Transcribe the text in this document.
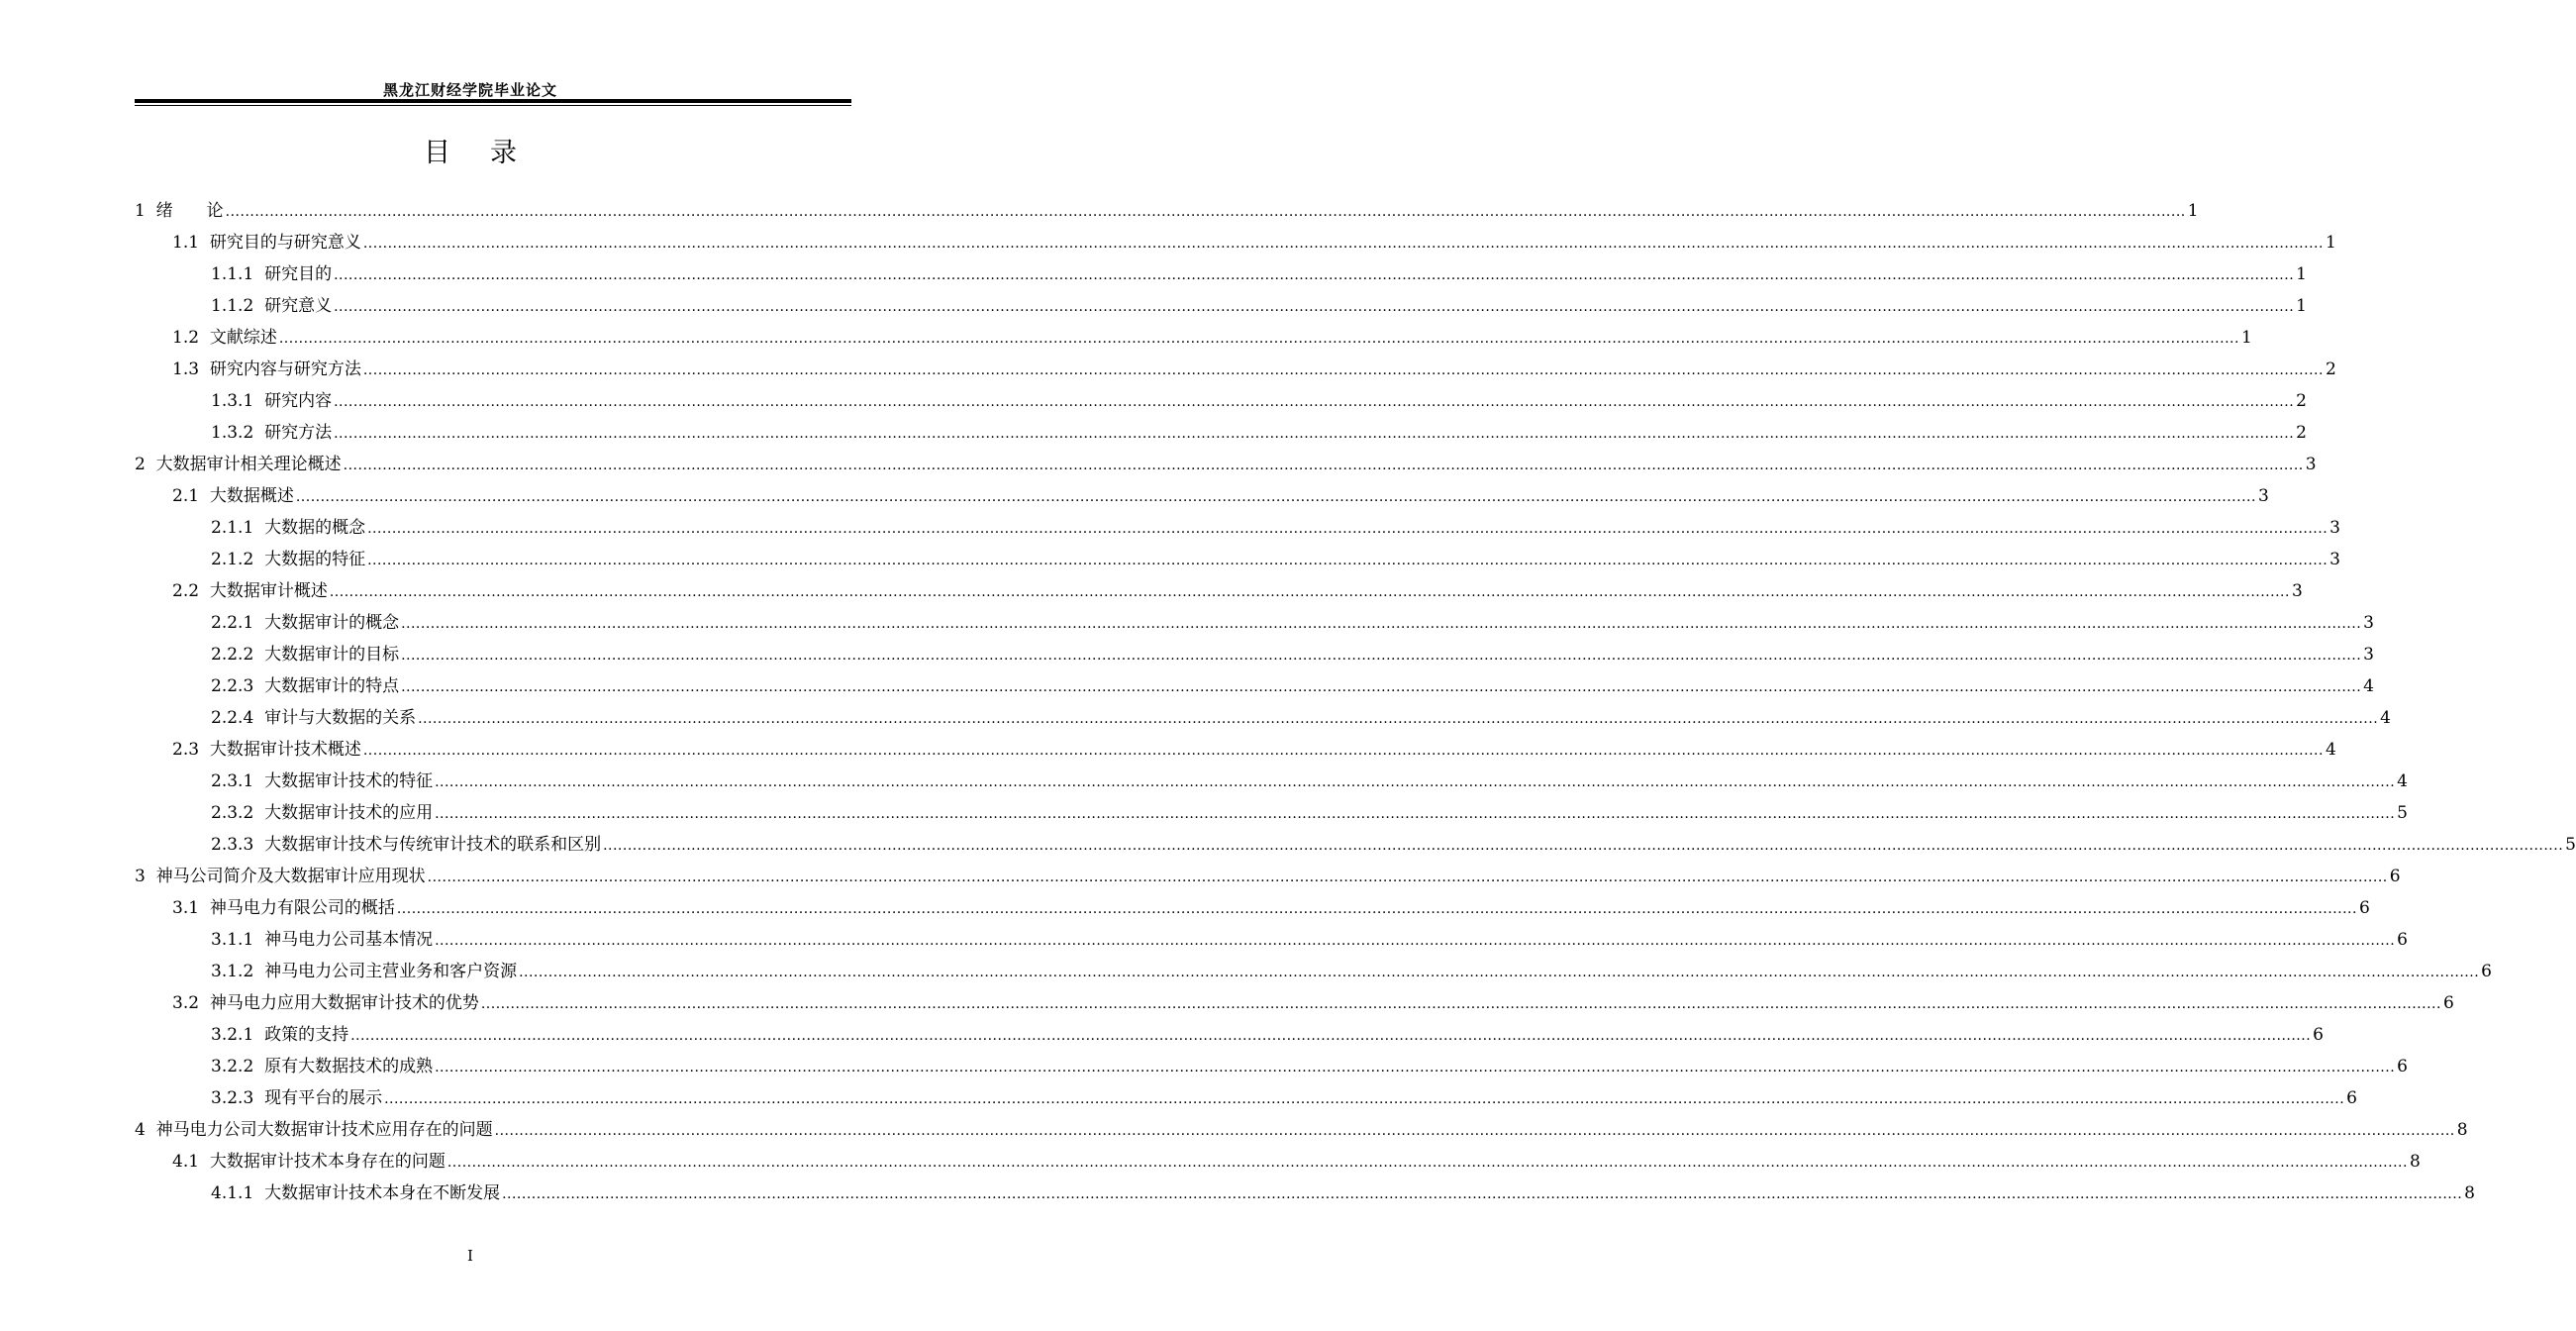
黑龙江财经学院毕业论文
目 录
1
绪　　论 ................................................................................................................................................................................................................................................................................................................................................................................................................ 1
1.1
研究目的与研究意义 ................................................................................................................................................................................................................................................................................................................................................................................................................ 1
1.1.1
研究目的 ................................................................................................................................................................................................................................................................................................................................................................................................................ 1
1.1.2
研究意义 ................................................................................................................................................................................................................................................................................................................................................................................................................ 1
1.2
文献综述 ................................................................................................................................................................................................................................................................................................................................................................................................................ 1
1.3
研究内容与研究方法 ................................................................................................................................................................................................................................................................................................................................................................................................................ 2
1.3.1
研究内容 ................................................................................................................................................................................................................................................................................................................................................................................................................ 2
1.3.2
研究方法 ................................................................................................................................................................................................................................................................................................................................................................................................................ 2
2
大数据审计相关理论概述 ................................................................................................................................................................................................................................................................................................................................................................................................................ 3
2.1
大数据概述 ................................................................................................................................................................................................................................................................................................................................................................................................................ 3
2.1.1
大数据的概念 ................................................................................................................................................................................................................................................................................................................................................................................................................ 3
2.1.2
大数据的特征 ................................................................................................................................................................................................................................................................................................................................................................................................................ 3
2.2
大数据审计概述 ................................................................................................................................................................................................................................................................................................................................................................................................................ 3
2.2.1
大数据审计的概念 ................................................................................................................................................................................................................................................................................................................................................................................................................ 3
2.2.2
大数据审计的目标 ................................................................................................................................................................................................................................................................................................................................................................................................................ 3
2.2.3
大数据审计的特点 ................................................................................................................................................................................................................................................................................................................................................................................................................ 4
2.2.4
审计与大数据的关系 ................................................................................................................................................................................................................................................................................................................................................................................................................ 4
2.3
大数据审计技术概述 ................................................................................................................................................................................................................................................................................................................................................................................................................ 4
2.3.1
大数据审计技术的特征 ................................................................................................................................................................................................................................................................................................................................................................................................................ 4
2.3.2
大数据审计技术的应用 ................................................................................................................................................................................................................................................................................................................................................................................................................ 5
2.3.3
大数据审计技术与传统审计技术的联系和区别 ................................................................................................................................................................................................................................................................................................................................................................................................................ 5
3
神马公司简介及大数据审计应用现状 ................................................................................................................................................................................................................................................................................................................................................................................................................ 6
3.1
神马电力有限公司的概括 ................................................................................................................................................................................................................................................................................................................................................................................................................ 6
3.1.1
神马电力公司基本情况 ................................................................................................................................................................................................................................................................................................................................................................................................................ 6
3.1.2
神马电力公司主营业务和客户资源 ................................................................................................................................................................................................................................................................................................................................................................................................................ 6
3.2
神马电力应用大数据审计技术的优势 ................................................................................................................................................................................................................................................................................................................................................................................................................ 6
3.2.1
政策的支持 ................................................................................................................................................................................................................................................................................................................................................................................................................ 6
3.2.2
原有大数据技术的成熟 ................................................................................................................................................................................................................................................................................................................................................................................................................ 6
3.2.3
现有平台的展示 ................................................................................................................................................................................................................................................................................................................................................................................................................ 6
4
神马电力公司大数据审计技术应用存在的问题 ................................................................................................................................................................................................................................................................................................................................................................................................................ 8
4.1
大数据审计技术本身存在的问题 ................................................................................................................................................................................................................................................................................................................................................................................................................ 8
4.1.1
大数据审计技术本身在不断发展 ................................................................................................................................................................................................................................................................................................................................................................................................................ 8
I
